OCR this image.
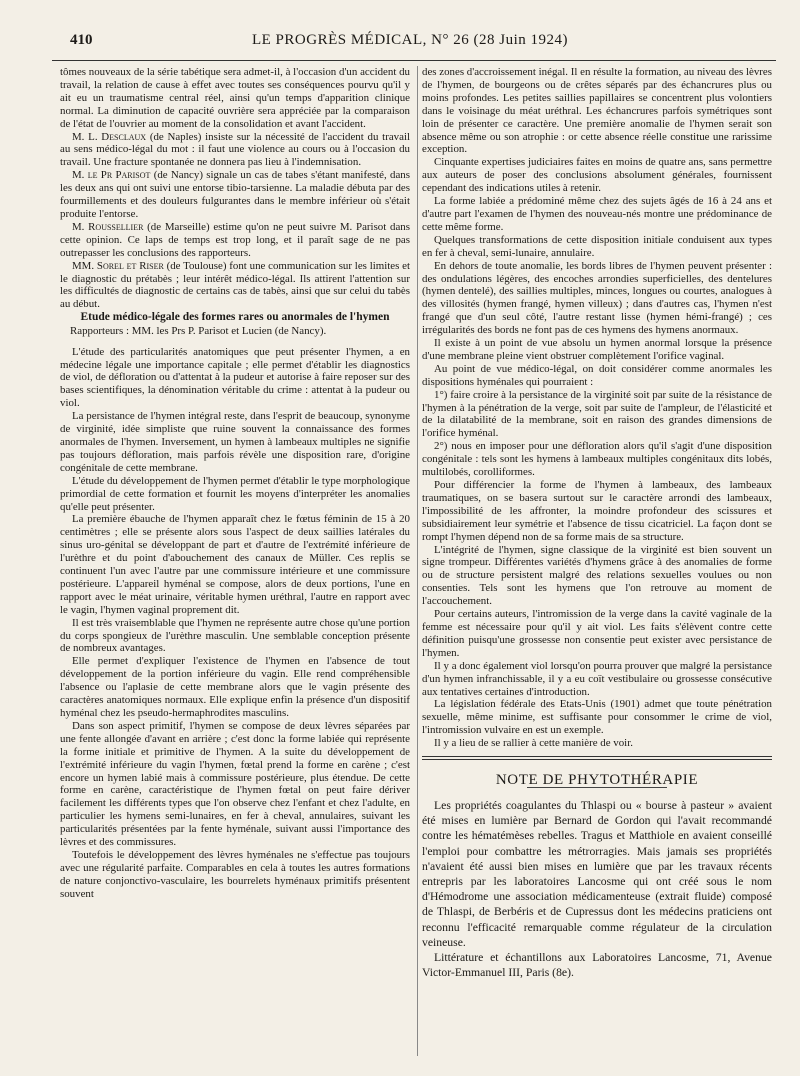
410	LE PROGRÈS MÉDICAL, N° 26 (28 Juin 1924)

tômes nouveaux de la série tabétique sera admet-il, à l'occasion d'un accident du travail, la relation de cause à effet avec toutes ses conséquences pourvu qu'il y ait eu un traumatisme central réel, ainsi qu'un temps d'apparition clinique normal. La diminution de capacité ouvrière sera appréciée par la comparaison de l'état de l'ouvrier au moment de la consolidation et avant l'accident.

M. L. Desclaux (de Naples) insiste sur la nécessité de l'accident du travail au sens médico-légal du mot : il faut une violence au cours ou à l'occasion du travail. Une fracture spontanée ne donnera pas lieu à l'indemnisation.

M. le Pr Parisot (de Nancy) signale un cas de tabes s'étant manifesté, dans les deux ans qui ont suivi une entorse tibio-tarsienne. La maladie débuta par des fourmillements et des douleurs fulgurantes dans le membre inférieur où s'était produite l'entorse.

M. Roussellier (de Marseille) estime qu'on ne peut suivre M. Parisot dans cette opinion. Ce laps de temps est trop long, et il paraît sage de ne pas outrepasser les conclusions des rapporteurs.

MM. Sorel et Riser (de Toulouse) font une communication sur les limites et le diagnostic du prétabès ; leur intérêt médico-légal. Ils attirent l'attention sur les difficultés de diagnostic de certains cas de tabès, ainsi que sur celui du tabès au début.

Etude médico-légale des formes rares ou anormales de l'hymen

Rapporteurs : MM. les Prs P. Parisot et Lucien (de Nancy).

L'étude des particularités anatomiques que peut présenter l'hymen, a en médecine légale une importance capitale ; elle permet d'établir les diagnostics de viol, de défloration ou d'attentat à la pudeur et autorise à faire reposer sur des bases scientifiques, la dénomination véritable du crime : attentat à la pudeur ou viol.

La persistance de l'hymen intégral reste, dans l'esprit de beaucoup, synonyme de virginité, idée simpliste que ruine souvent la connaissance des formes anormales de l'hymen. Inversement, un hymen à lambeaux multiples ne signifie pas toujours défloration, mais parfois révèle une disposition rare, d'origine congénitale de cette membrane.

L'étude du développement de l'hymen permet d'établir le type morphologique primordial de cette formation et fournit les moyens d'interpréter les anomalies qu'elle peut présenter.

La première ébauche de l'hymen apparaît chez le fœtus féminin de 15 à 20 centimètres ; elle se présente alors sous l'aspect de deux saillies latérales du sinus uro-génital se développant de part et d'autre de l'extrémité inférieure de l'urèthre et du point d'abouchement des canaux de Müller. Ces replis se continuent l'un avec l'autre par une commissure intérieure et une commissure postérieure. L'appareil hyménal se compose, alors de deux portions, l'une en rapport avec le méat urinaire, véritable hymen uréthral, l'autre en rapport avec le vagin, l'hymen vaginal proprement dit.

Il est très vraisemblable que l'hymen ne représente autre chose qu'une portion du corps spongieux de l'urèthre masculin. Une semblable conception présente de nombreux avantages.

Elle permet d'expliquer l'existence de l'hymen en l'absence de tout développement de la portion inférieure du vagin. Elle rend compréhensible l'absence ou l'aplasie de cette membrane alors que le vagin présente des caractères anatomiques normaux. Elle explique enfin la présence d'un dispositif hyménal chez les pseudo-hermaphrodites masculins.

Dans son aspect primitif, l'hymen se compose de deux lèvres séparées par une fente allongée d'avant en arrière ; c'est donc la forme labiée qui représente la forme initiale et primitive de l'hymen. A la suite du développement de l'extrémité inférieure du vagin l'hymen, fœtal prend la forme en carène ; c'est encore un hymen labié mais à commissure postérieure, plus étendue. De cette forme en carène, caractéristique de l'hymen fœtal on peut faire dériver facilement les différents types que l'on observe chez l'enfant et chez l'adulte, en particulier les hymens semi-lunaires, en fer à cheval, annulaires, suivant les particularités présentées par la fente hyménale, suivant aussi l'importance des lèvres et des commissures.

Toutefois le développement des lèvres hyménales ne s'effectue pas toujours avec une régularité parfaite. Comparables en cela à toutes les autres formations de nature conjonctivo-vasculaire, les bourrelets hyménaux primitifs présentent souvent

des zones d'accroissement inégal. Il en résulte la formation, au niveau des lèvres de l'hymen, de bourgeons ou de crêtes séparés par des échancrures plus ou moins profondes. Les petites saillies papillaires se concentrent plus volontiers dans le voisinage du méat uréthral. Les échancrures parfois symétriques sont loin de présenter ce caractère. Une première anomalie de l'hymen serait son absence même ou son atrophie : or cette absence réelle constitue une rarissime exception.

Cinquante expertises judiciaires faites en moins de quatre ans, sans permettre aux auteurs de poser des conclusions absolument générales, fournissent cependant des indications utiles à retenir.

La forme labiée a prédominé même chez des sujets âgés de 16 à 24 ans et d'autre part l'examen de l'hymen des nouveau-nés montre une prédominance de cette même forme.

Quelques transformations de cette disposition initiale conduisent aux types en fer à cheval, semi-lunaire, annulaire.

En dehors de toute anomalie, les bords libres de l'hymen peuvent présenter : des ondulations légères, des encoches arrondies superficielles, des dentelures (hymen dentelé), des saillies multiples, minces, longues ou courtes, analogues à des villosités (hymen frangé, hymen villeux) ; dans d'autres cas, l'hymen n'est frangé que d'un seul côté, l'autre restant lisse (hymen hémi-frangé) ; ces irrégularités des bords ne font pas de ces hymens des hymens anormaux.

Il existe à un point de vue absolu un hymen anormal lorsque la présence d'une membrane pleine vient obstruer complètement l'orifice vaginal.

Au point de vue médico-légal, on doit considérer comme anormales les dispositions hyménales qui pourraient :

1°) faire croire à la persistance de la virginité soit par suite de la résistance de l'hymen à la pénétration de la verge, soit par suite de l'ampleur, de l'élasticité et de la dilatabilité de la membrane, soit en raison des grandes dimensions de l'orifice hyménal.

2°) nous en imposer pour une défloration alors qu'il s'agit d'une disposition congénitale : tels sont les hymens à lambeaux multiples congénitaux dits lobés, multilobés, corolliformes.

Pour différencier la forme de l'hymen à lambeaux, des lambeaux traumatiques, on se basera surtout sur le caractère arrondi des lambeaux, l'impossibilité de les affronter, la moindre profondeur des scissures et subsidiairement leur symétrie et l'absence de tissu cicatriciel. La façon dont se rompt l'hymen dépend non de sa forme mais de sa structure.

L'intégrité de l'hymen, signe classique de la virginité est bien souvent un signe trompeur. Différentes variétés d'hymens grâce à des anomalies de forme ou de structure persistent malgré des relations sexuelles voulues ou non consenties. Tels sont les hymens que l'on retrouve au moment de l'accouchement.

Pour certains auteurs, l'intromission de la verge dans la cavité vaginale de la femme est nécessaire pour qu'il y ait viol. Les faits s'élèvent contre cette définition puisqu'une grossesse non consentie peut exister avec persistance de l'hymen.

Il y a donc également viol lorsqu'on pourra prouver que malgré la persistance d'un hymen infranchissable, il y a eu coït vestibulaire ou grossesse consécutive aux tentatives certaines d'introduction.

La législation fédérale des Etats-Unis (1901) admet que toute pénétration sexuelle, même minime, est suffisante pour consommer le crime de viol, l'intromission vulvaire en est un exemple.

Il y a lieu de se rallier à cette manière de voir.

NOTE DE PHYTOTHÉRAPIE

Les propriétés coagulantes du Thlaspi ou « bourse à pasteur » avaient été mises en lumière par Bernard de Gordon qui l'avait recommandé contre les hématémèses rebelles. Tragus et Matthiole en avaient conseillé l'emploi pour combattre les métrorragies. Mais jamais ses propriétés n'avaient été aussi bien mises en lumière que par les travaux récents entrepris par les laboratoires Lancosme qui ont créé sous le nom d'Hémodrome une association médicamenteuse (extrait fluide) composé de Thlaspi, de Berbéris et de Cupressus dont les médecins praticiens ont reconnu l'efficacité remarquable comme régulateur de la circulation veineuse.

Littérature et échantillons aux Laboratoires Lancosme, 71, Avenue Victor-Emmanuel III, Paris (8e).
